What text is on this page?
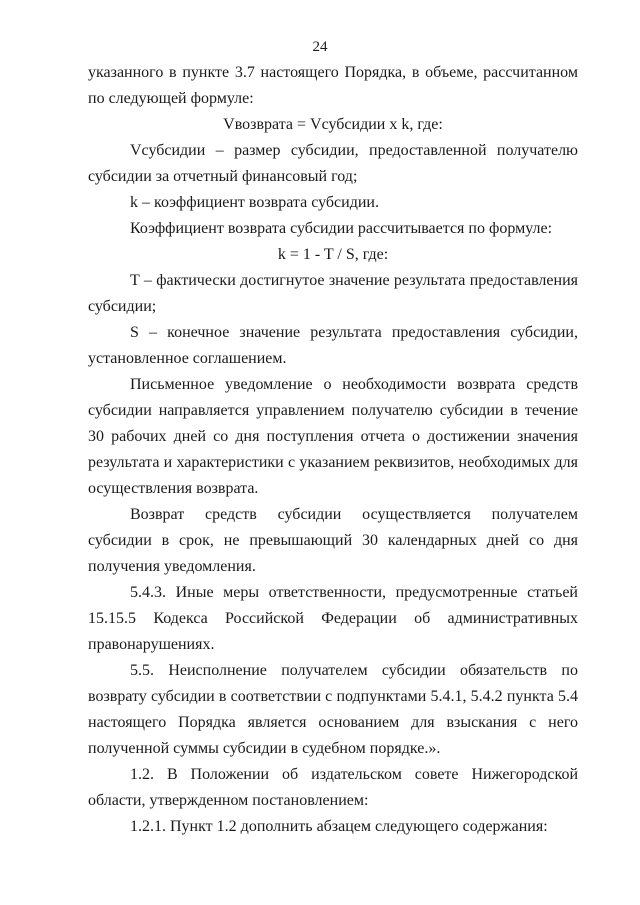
24

указанного в пункте 3.7 настоящего Порядка, в объеме, рассчитанном по следующей формуле:

Vвозврата = Vсубсидии x k, где:

Vсубсидии – размер субсидии, предоставленной получателю субсидии за отчетный финансовый год;

k – коэффициент возврата субсидии.

Коэффициент возврата субсидии рассчитывается по формуле:

k = 1 - T / S, где:

T – фактически достигнутое значение результата предоставления субсидии;

S – конечное значение результата предоставления субсидии, установленное соглашением.

Письменное уведомление о необходимости возврата средств субсидии направляется управлением получателю субсидии в течение 30 рабочих дней со дня поступления отчета о достижении значения результата и характеристики с указанием реквизитов, необходимых для осуществления возврата.

Возврат средств субсидии осуществляется получателем субсидии в срок, не превышающий 30 календарных дней со дня получения уведомления.

5.4.3. Иные меры ответственности, предусмотренные статьей 15.15.5 Кодекса Российской Федерации об административных правонарушениях.

5.5. Неисполнение получателем субсидии обязательств по возврату субсидии в соответствии с подпунктами 5.4.1, 5.4.2 пункта 5.4 настоящего Порядка является основанием для взыскания с него полученной суммы субсидии в судебном порядке.».

1.2. В Положении об издательском совете Нижегородской области, утвержденном постановлением:

1.2.1. Пункт 1.2 дополнить абзацем следующего содержания:
